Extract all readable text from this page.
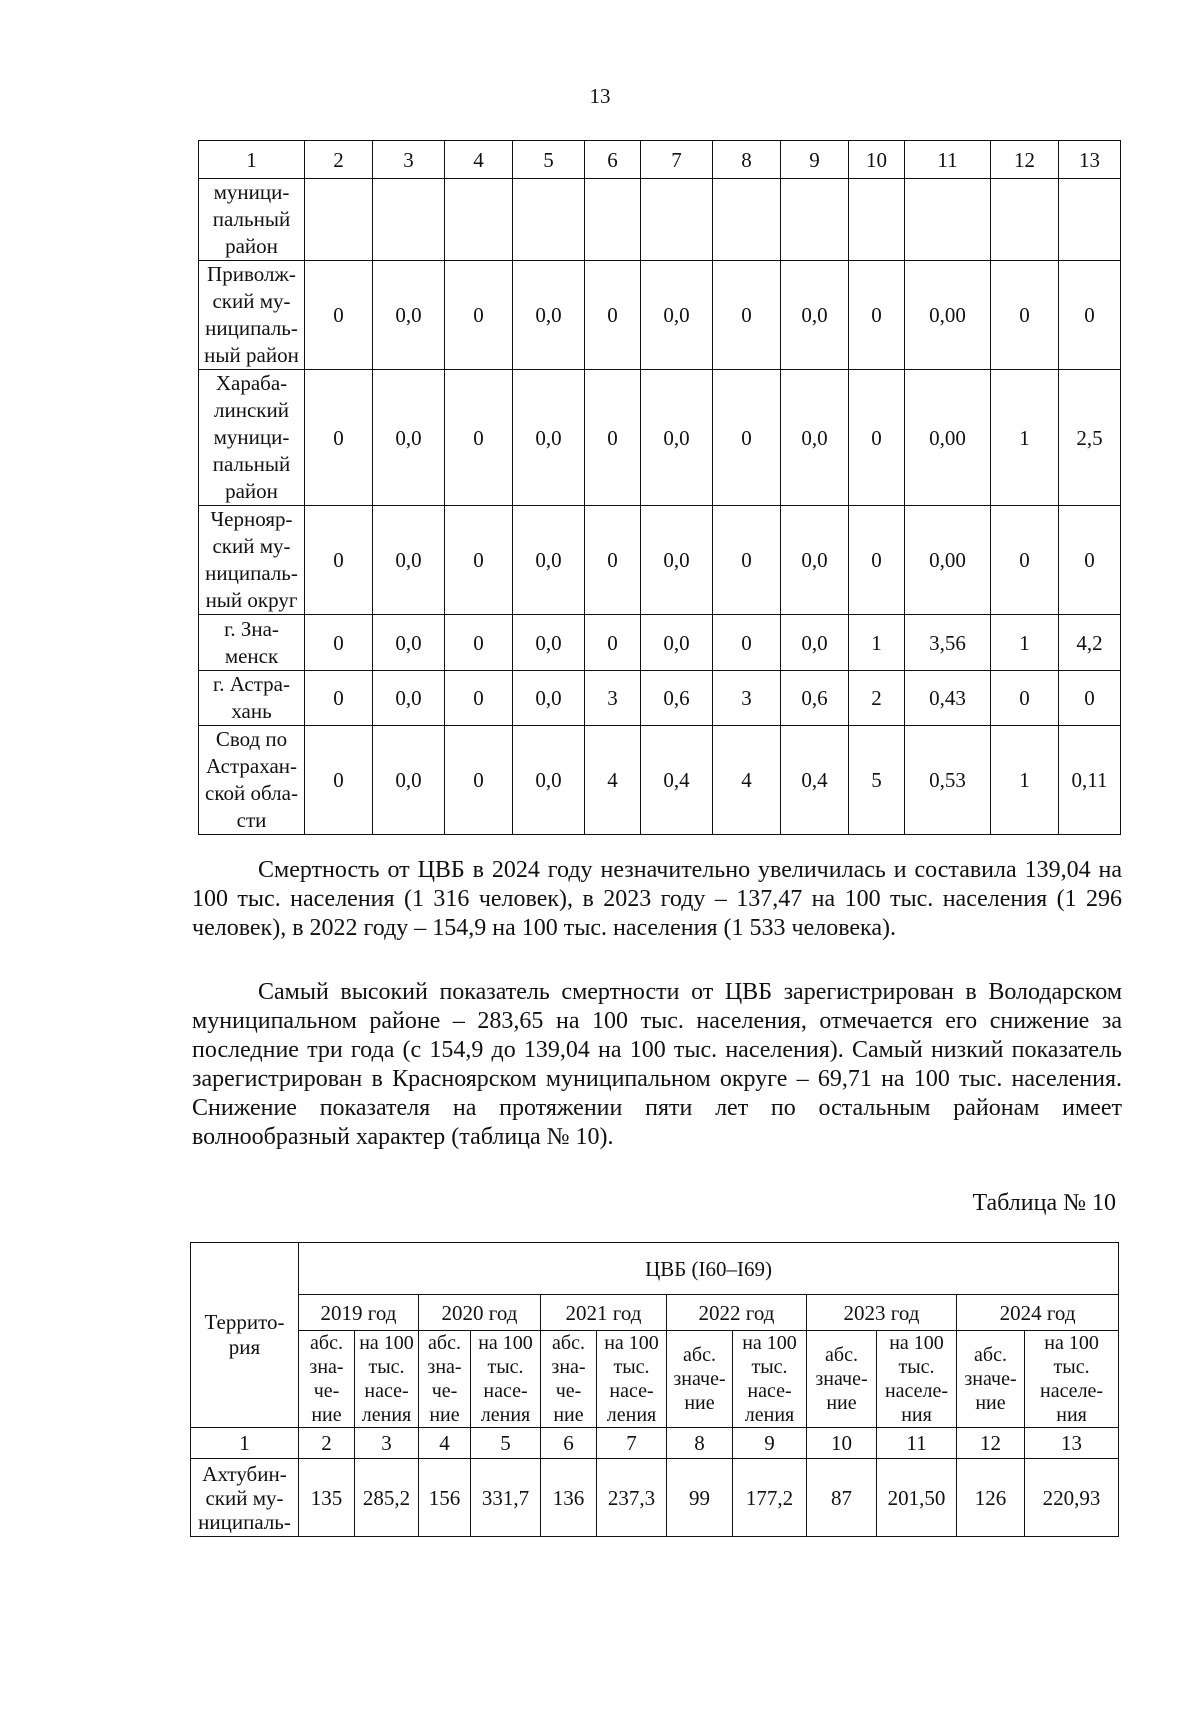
13
1	2	3	4	5	6	7	8	9	10	11	12	13
муници-
пальный
район												
Приволж-
ский му-
ниципаль-
ный район	0	0,0	0	0,0	0	0,0	0	0,0	0	0,00	0	0
Хараба-
линский
муници-
пальный
район	0	0,0	0	0,0	0	0,0	0	0,0	0	0,00	1	2,5
Чернояр-
ский му-
ниципаль-
ный округ	0	0,0	0	0,0	0	0,0	0	0,0	0	0,00	0	0
г. Зна-
менск	0	0,0	0	0,0	0	0,0	0	0,0	1	3,56	1	4,2
г. Астра-
хань	0	0,0	0	0,0	3	0,6	3	0,6	2	0,43	0	0
Свод по
Астрахан-
ской обла-
сти	0	0,0	0	0,0	4	0,4	4	0,4	5	0,53	1	0,11

Смертность от ЦВБ в 2024 году незначительно увеличилась и составила 139,04 на 100 тыс. населения (1 316 человек), в 2023 году – 137,47 на 100 тыс. населения (1 296 человек), в 2022 году – 154,9 на 100 тыс. населения (1 533 человека).

Самый высокий показатель смертности от ЦВБ зарегистрирован в Володарском муниципальном районе – 283,65 на 100 тыс. населения, отмечается его снижение за последние три года (с 154,9 до 139,04 на 100 тыс. населения). Самый низкий показатель зарегистрирован в Красноярском муниципальном округе – 69,71 на 100 тыс. населения. Снижение показателя на протяжении пяти лет по остальным районам имеет волнообразный характер (таблица № 10).

Таблица № 10
Террито-
рия	ЦВБ (I60–I69)											
	2019 год		2020 год		2021 год		2022 год		2023 год		2024 год	
	абс.
зна-
че-
ние	на 100
тыс.
насе-
ления	абс.
зна-
че-
ние	на 100
тыс.
насе-
ления	абс.
зна-
че-
ние	на 100
тыс.
насе-
ления	абс.
значе-
ние	на 100
тыс.
насе-
ления	абс.
значе-
ние	на 100
тыс.
населе-
ния	абс.
значе-
ние	на 100
тыс.
населе-
ния
1	2	3	4	5	6	7	8	9	10	11	12	13
Ахтубин-
ский му-
ниципаль-	135	285,2	156	331,7	136	237,3	99	177,2	87	201,50	126	220,93
